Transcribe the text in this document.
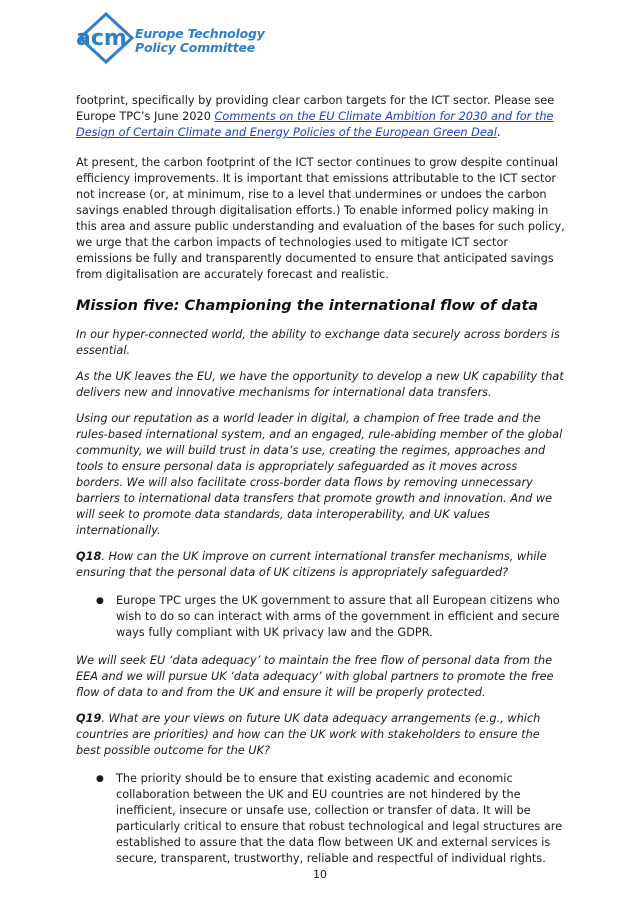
acm Europe Technology
Policy Committee

footprint, specifically by providing clear carbon targets for the ICT sector. Please see Europe TPC’s June 2020 Comments on the EU Climate Ambition for 2030 and for the Design of Certain Climate and Energy Policies of the European Green Deal.

At present, the carbon footprint of the ICT sector continues to grow despite continual efficiency improvements. It is important that emissions attributable to the ICT sector not increase (or, at minimum, rise to a level that undermines or undoes the carbon savings enabled through digitalisation efforts.) To enable informed policy making in this area and assure public understanding and evaluation of the bases for such policy, we urge that the carbon impacts of technologies used to mitigate ICT sector emissions be fully and transparently documented to ensure that anticipated savings from digitalisation are accurately forecast and realistic.

Mission five: Championing the international flow of data

In our hyper-connected world, the ability to exchange data securely across borders is essential.

As the UK leaves the EU, we have the opportunity to develop a new UK capability that delivers new and innovative mechanisms for international data transfers.

Using our reputation as a world leader in digital, a champion of free trade and the rules-based international system, and an engaged, rule-abiding member of the global community, we will build trust in data’s use, creating the regimes, approaches and tools to ensure personal data is appropriately safeguarded as it moves across borders. We will also facilitate cross-border data flows by removing unnecessary barriers to international data transfers that promote growth and innovation. And we will seek to promote data standards, data interoperability, and UK values internationally.

Q18. How can the UK improve on current international transfer mechanisms, while ensuring that the personal data of UK citizens is appropriately safeguarded?

● Europe TPC urges the UK government to assure that all European citizens who wish to do so can interact with arms of the government in efficient and secure ways fully compliant with UK privacy law and the GDPR.

We will seek EU ‘data adequacy’ to maintain the free flow of personal data from the EEA and we will pursue UK ‘data adequacy’ with global partners to promote the free flow of data to and from the UK and ensure it will be properly protected.

Q19. What are your views on future UK data adequacy arrangements (e.g., which countries are priorities) and how can the UK work with stakeholders to ensure the best possible outcome for the UK?

● The priority should be to ensure that existing academic and economic collaboration between the UK and EU countries are not hindered by the inefficient, insecure or unsafe use, collection or transfer of data. It will be particularly critical to ensure that robust technological and legal structures are established to assure that the data flow between UK and external services is secure, transparent, trustworthy, reliable and respectful of individual rights.
10
